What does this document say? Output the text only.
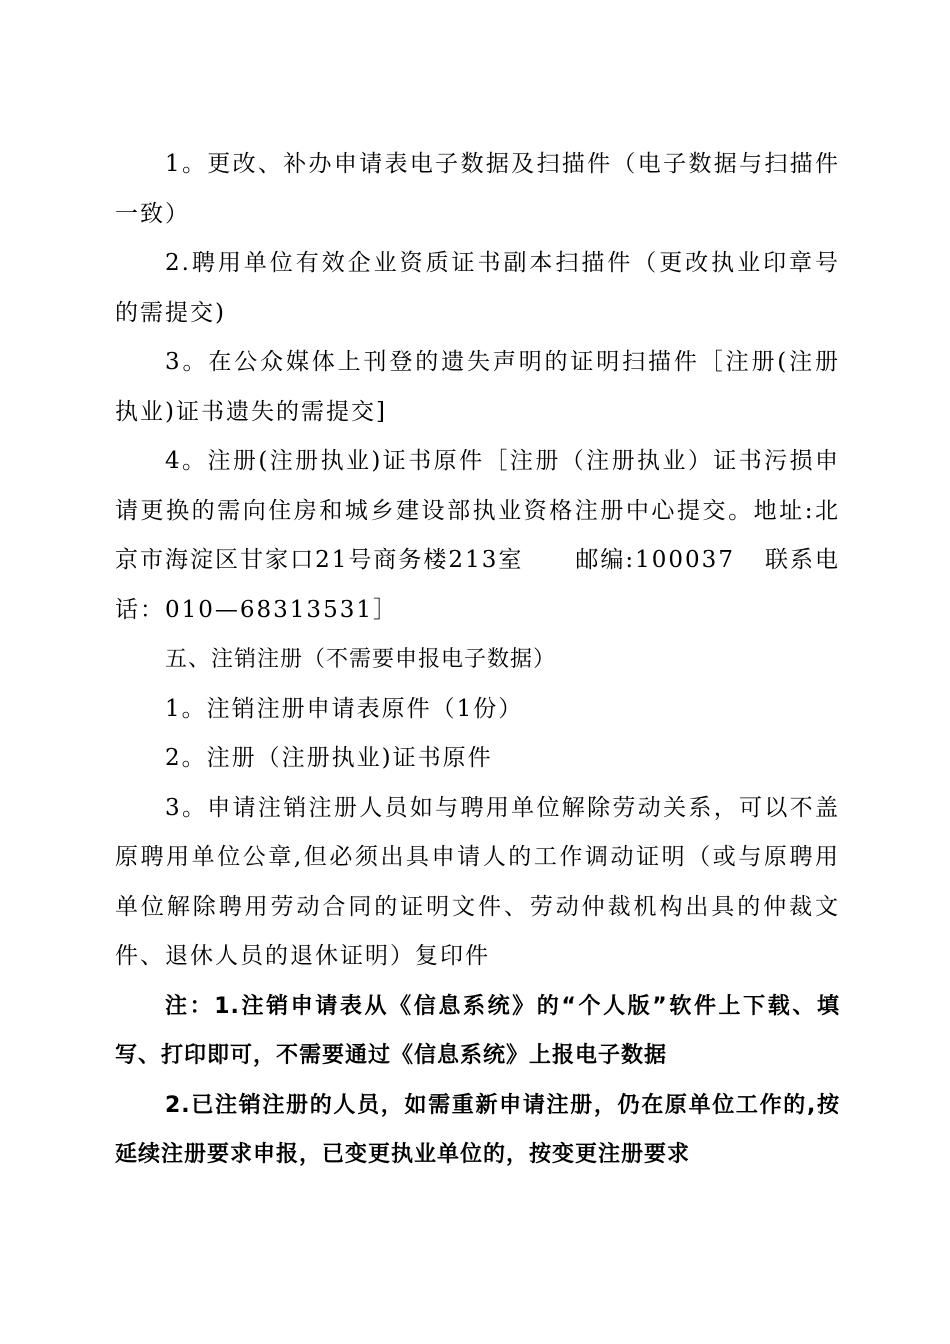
1。更改、补办申请表电子数据及扫描件（电子数据与扫描件一致）

2.聘用单位有效企业资质证书副本扫描件（更改执业印章号的需提交)

3。在公众媒体上刊登的遗失声明的证明扫描件［注册(注册执业)证书遗失的需提交]

4。注册(注册执业)证书原件［注册（注册执业）证书污损申请更换的需向住房和城乡建设部执业资格注册中心提交。地址:北京市海淀区甘家口21号商务楼213室 邮编:100037 联系电话：010—68313531］

五、注销注册（不需要申报电子数据）

1。注销注册申请表原件（1份）

2。注册（注册执业)证书原件

3。申请注销注册人员如与聘用单位解除劳动关系，可以不盖原聘用单位公章,但必须出具申请人的工作调动证明（或与原聘用单位解除聘用劳动合同的证明文件、劳动仲裁机构出具的仲裁文件、退休人员的退休证明）复印件

注：1.注销申请表从《信息系统》的“个人版”软件上下载、填写、打印即可，不需要通过《信息系统》上报电子数据

2.已注销注册的人员，如需重新申请注册，仍在原单位工作的,按延续注册要求申报，已变更执业单位的，按变更注册要求
